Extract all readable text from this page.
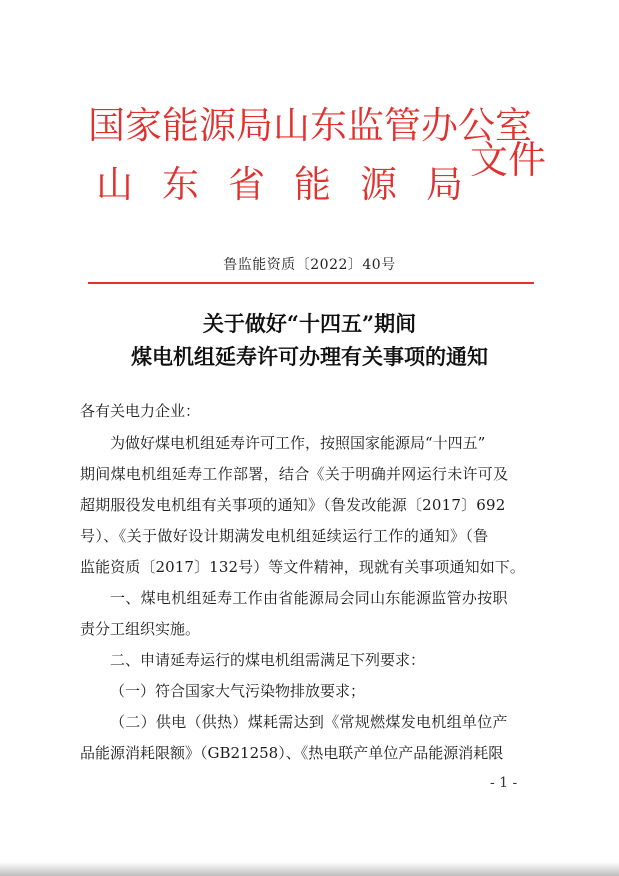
国家能源局山东监管办公室
山东省能源局
文件
鲁监能资质〔2022〕40号
关于做好“十四五”期间
煤电机组延寿许可办理有关事项的通知
各有关电力企业：
为做好煤电机组延寿许可工作，按照国家能源局“十四五”
期间煤电机组延寿工作部署，结合《关于明确并网运行未许可及
超期服役发电机组有关事项的通知》（鲁发改能源〔2017〕692
号）、《关于做好设计期满发电机组延续运行工作的通知》（鲁
监能资质〔2017〕132号）等文件精神，现就有关事项通知如下。
一、煤电机组延寿工作由省能源局会同山东能源监管办按职
责分工组织实施。
二、申请延寿运行的煤电机组需满足下列要求：
（一）符合国家大气污染物排放要求；
（二）供电（供热）煤耗需达到《常规燃煤发电机组单位产
品能源消耗限额》（GB21258）、《热电联产单位产品能源消耗限
- 1 -
